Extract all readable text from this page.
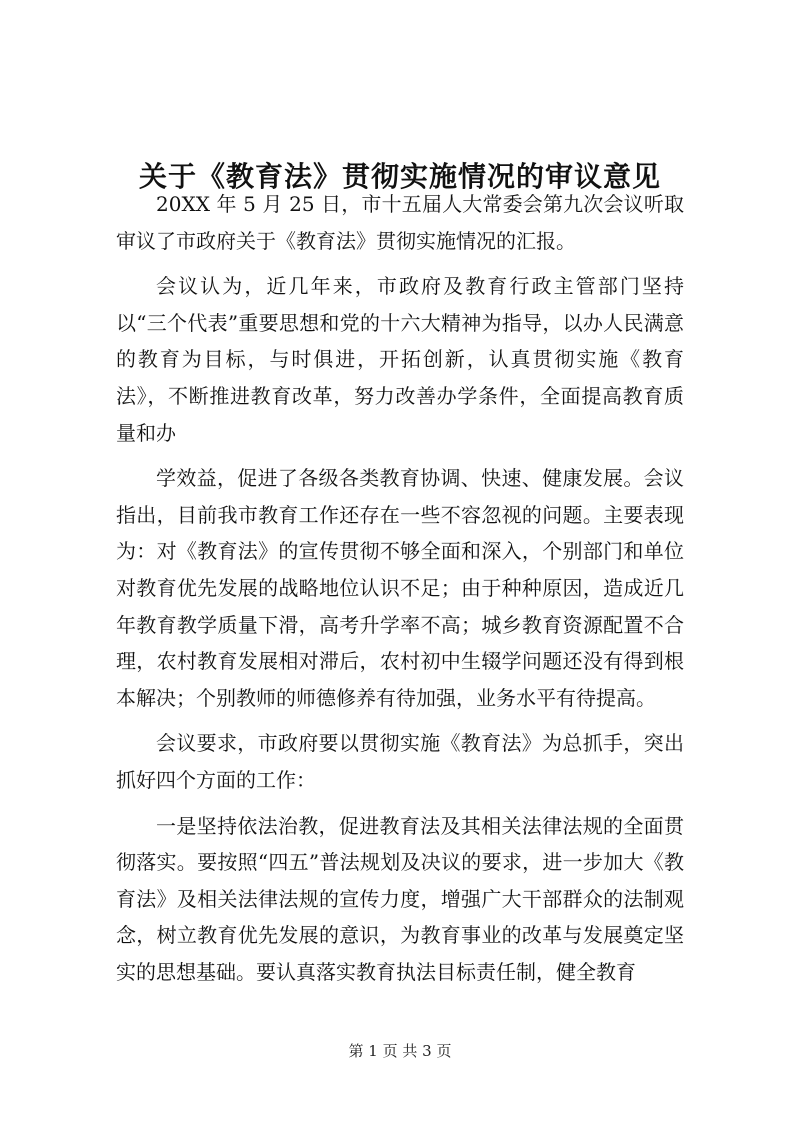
关于《教育法》贯彻实施情况的审议意见

20XX 年 5 月 25 日，市十五届人大常委会第九次会议听取审议了市政府关于《教育法》贯彻实施情况的汇报。

会议认为，近几年来，市政府及教育行政主管部门坚持以“三个代表”重要思想和党的十六大精神为指导，以办人民满意的教育为目标，与时俱进，开拓创新，认真贯彻实施《教育法》，不断推进教育改革，努力改善办学条件，全面提高教育质量和办

学效益，促进了各级各类教育协调、快速、健康发展。会议指出，目前我市教育工作还存在一些不容忽视的问题。主要表现为：对《教育法》的宣传贯彻不够全面和深入，个别部门和单位对教育优先发展的战略地位认识不足；由于种种原因，造成近几年教育教学质量下滑，高考升学率不高；城乡教育资源配置不合理，农村教育发展相对滞后，农村初中生辍学问题还没有得到根本解决；个别教师的师德修养有待加强，业务水平有待提高。

会议要求，市政府要以贯彻实施《教育法》为总抓手，突出抓好四个方面的工作：

一是坚持依法治教，促进教育法及其相关法律法规的全面贯彻落实。要按照“四五”普法规划及决议的要求，进一步加大《教育法》及相关法律法规的宣传力度，增强广大干部群众的法制观念，树立教育优先发展的意识，为教育事业的改革与发展奠定坚实的思想基础。要认真落实教育执法目标责任制，健全教育

第 1 页 共 3 页
